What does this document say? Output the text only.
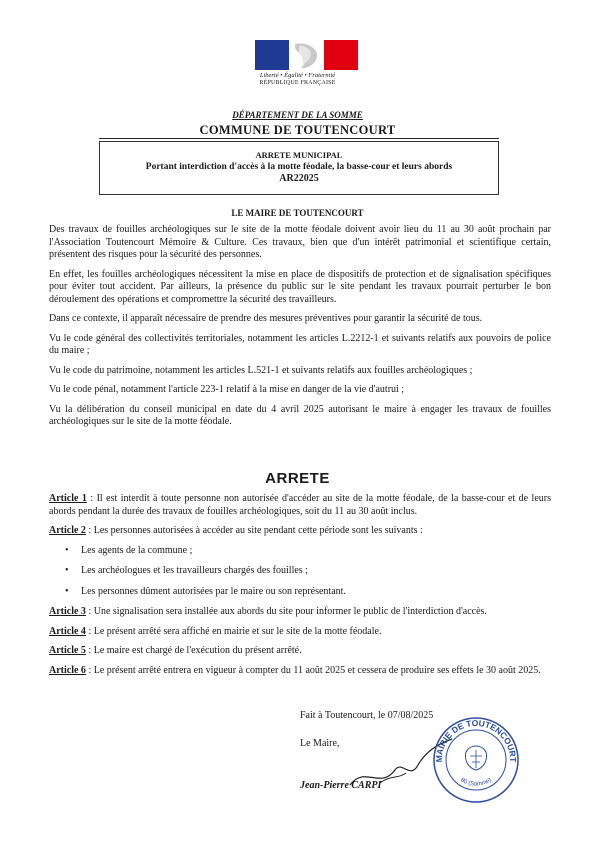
Liberté • Égalité • Fraternité
RÉPUBLIQUE FRANÇAISE
DÉPARTEMENT DE LA SOMME
COMMUNE DE TOUTENCOURT
ARRETE MUNICIPAL
Portant interdiction d'accès à la motte féodale, la basse-cour et leurs abords
AR22025
LE MAIRE DE TOUTENCOURT

Des travaux de fouilles archéologiques sur le site de la motte féodale doivent avoir lieu du 11 au 30 août prochain par l'Association Toutencourt Mémoire & Culture. Ces travaux, bien que d'un intérêt patrimonial et scientifique certain, présentent des risques pour la sécurité des personnes.

En effet, les fouilles archéologiques nécessitent la mise en place de dispositifs de protection et de signalisation spécifiques pour éviter tout accident. Par ailleurs, la présence du public sur le site pendant les travaux pourrait perturber le bon déroulement des opérations et compromettre la sécurité des travailleurs.

Dans ce contexte, il apparaît nécessaire de prendre des mesures préventives pour garantir la sécurité de tous.

Vu le code général des collectivités territoriales, notamment les articles L.2212-1 et suivants relatifs aux pouvoirs de police du maire ;

Vu le code du patrimoine, notamment les articles L.521-1 et suivants relatifs aux fouilles archéologiques ;

Vu le code pénal, notamment l'article 223-1 relatif à la mise en danger de la vie d'autrui ;

Vu la délibération du conseil municipal en date du 4 avril 2025 autorisant le maire à engager les travaux de fouilles archéologiques sur le site de la motte féodale.

ARRETE

Article 1 : Il est interdit à toute personne non autorisée d'accéder au site de la motte féodale, de la basse-cour et de leurs abords pendant la durée des travaux de fouilles archéologiques, soit du 11 au 30 août inclus.

Article 2 : Les personnes autorisées à accéder au site pendant cette période sont les suivants :

• Les agents de la commune ;
• Les archéologues et les travailleurs chargés des fouilles ;
• Les personnes dûment autorisées par le maire ou son représentant.

Article 3 : Une signalisation sera installée aux abords du site pour informer le public de l'interdiction d'accès.

Article 4 : Le présent arrêté sera affiché en mairie et sur le site de la motte féodale.

Article 5 : Le maire est chargé de l'exécution du présent arrêté.

Article 6 : Le présent arrêté entrera en vigueur à compter du 11 août 2025 et cessera de produire ses effets le 30 août 2025.

Fait à Toutencourt, le 07/08/2025
Le Maire,
Jean-Pierre CARPI
MAIRIE DE TOUTENCOURT
80 (Somme)
